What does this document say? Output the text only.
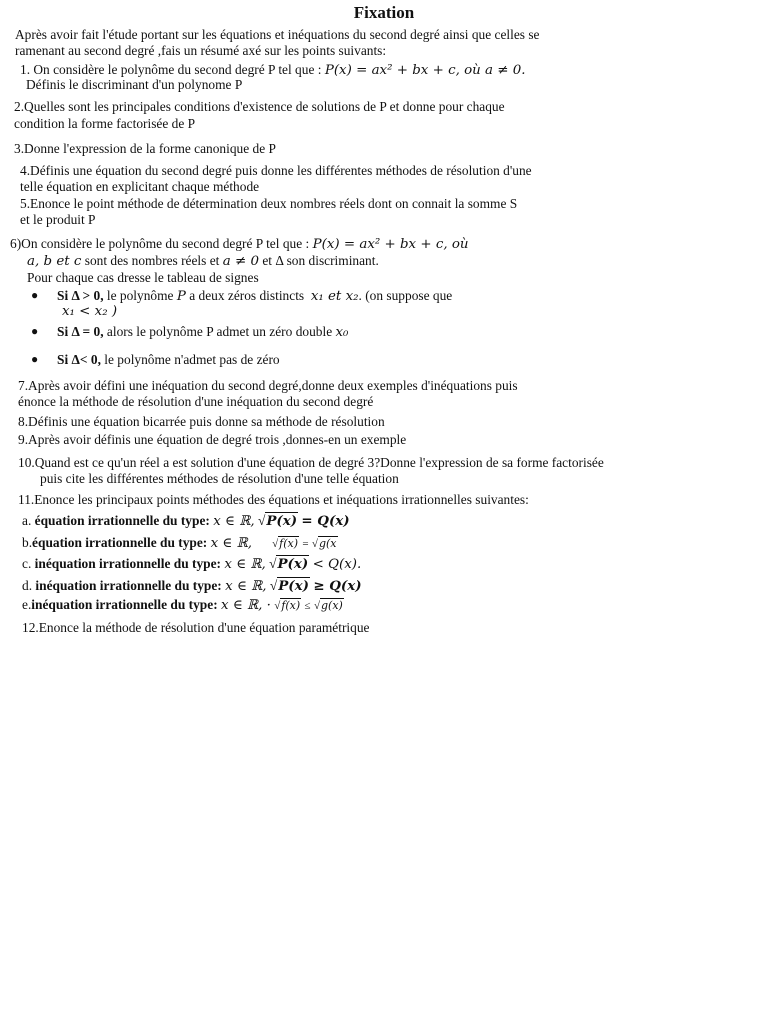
Fixation
Après avoir fait l'étude portant sur les équations et inéquations du second degré ainsi que celles se
ramenant au second degré ,fais un résumé axé sur les points suivants:
1. On considère le polynôme du second degré P tel que : P(x) = ax² + bx + c, où a ≠ 0.
Définis le discriminant d'un polynome P
2.Quelles sont les principales conditions d'existence de solutions de P et donne pour chaque
condition la forme factorisée de P
3.Donne l'expression de la forme canonique de P
4.Définis une équation du second degré puis donne les différentes méthodes de résolution d'une
telle équation en explicitant chaque méthode
5.Enonce le point méthode de détermination deux nombres réels dont on connait la somme S
et le produit P
6)On considère le polynôme du second degré P tel que : P(x) = ax² + bx + c, où
a, b et c sont des nombres réels et a ≠ 0 et Δ son discriminant.
Pour chaque cas dresse le tableau de signes
● Si Δ > 0, le polynôme P a deux zéros distincts x₁ et x₂. (on suppose que
x₁ < x₂ )
● Si Δ = 0, alors le polynôme P admet un zéro double x₀
● Si Δ< 0, le polynôme n'admet pas de zéro
7.Après avoir défini une inéquation du second degré,donne deux exemples d'inéquations puis
énonce la méthode de résolution d'une inéquation du second degré
8.Définis une équation bicarrée puis donne sa méthode de résolution
9.Après avoir définis une équation de degré trois ,donnes-en un exemple
10.Quand est ce qu'un réel a est solution d'une équation de degré 3?Donne l'expression de sa forme factorisée
puis cite les différentes méthodes de résolution d'une telle équation
11.Enonce les principaux points méthodes des équations et inéquations irrationnelles suivantes:
a. équation irrationnelle du type: x ∈ ℝ, √P(x) = Q(x)
b.équation irrationnelle du type: x ∈ ℝ, √f(x) = √g(x
c. inéquation irrationnelle du type: x ∈ ℝ, √P(x) < Q(x).
d. inéquation irrationnelle du type: x ∈ ℝ, √P(x) ≥ Q(x)
e.inéquation irrationnelle du type: x ∈ ℝ, · √f(x) ≤ √g(x)
12.Enonce la méthode de résolution d'une équation paramétrique
